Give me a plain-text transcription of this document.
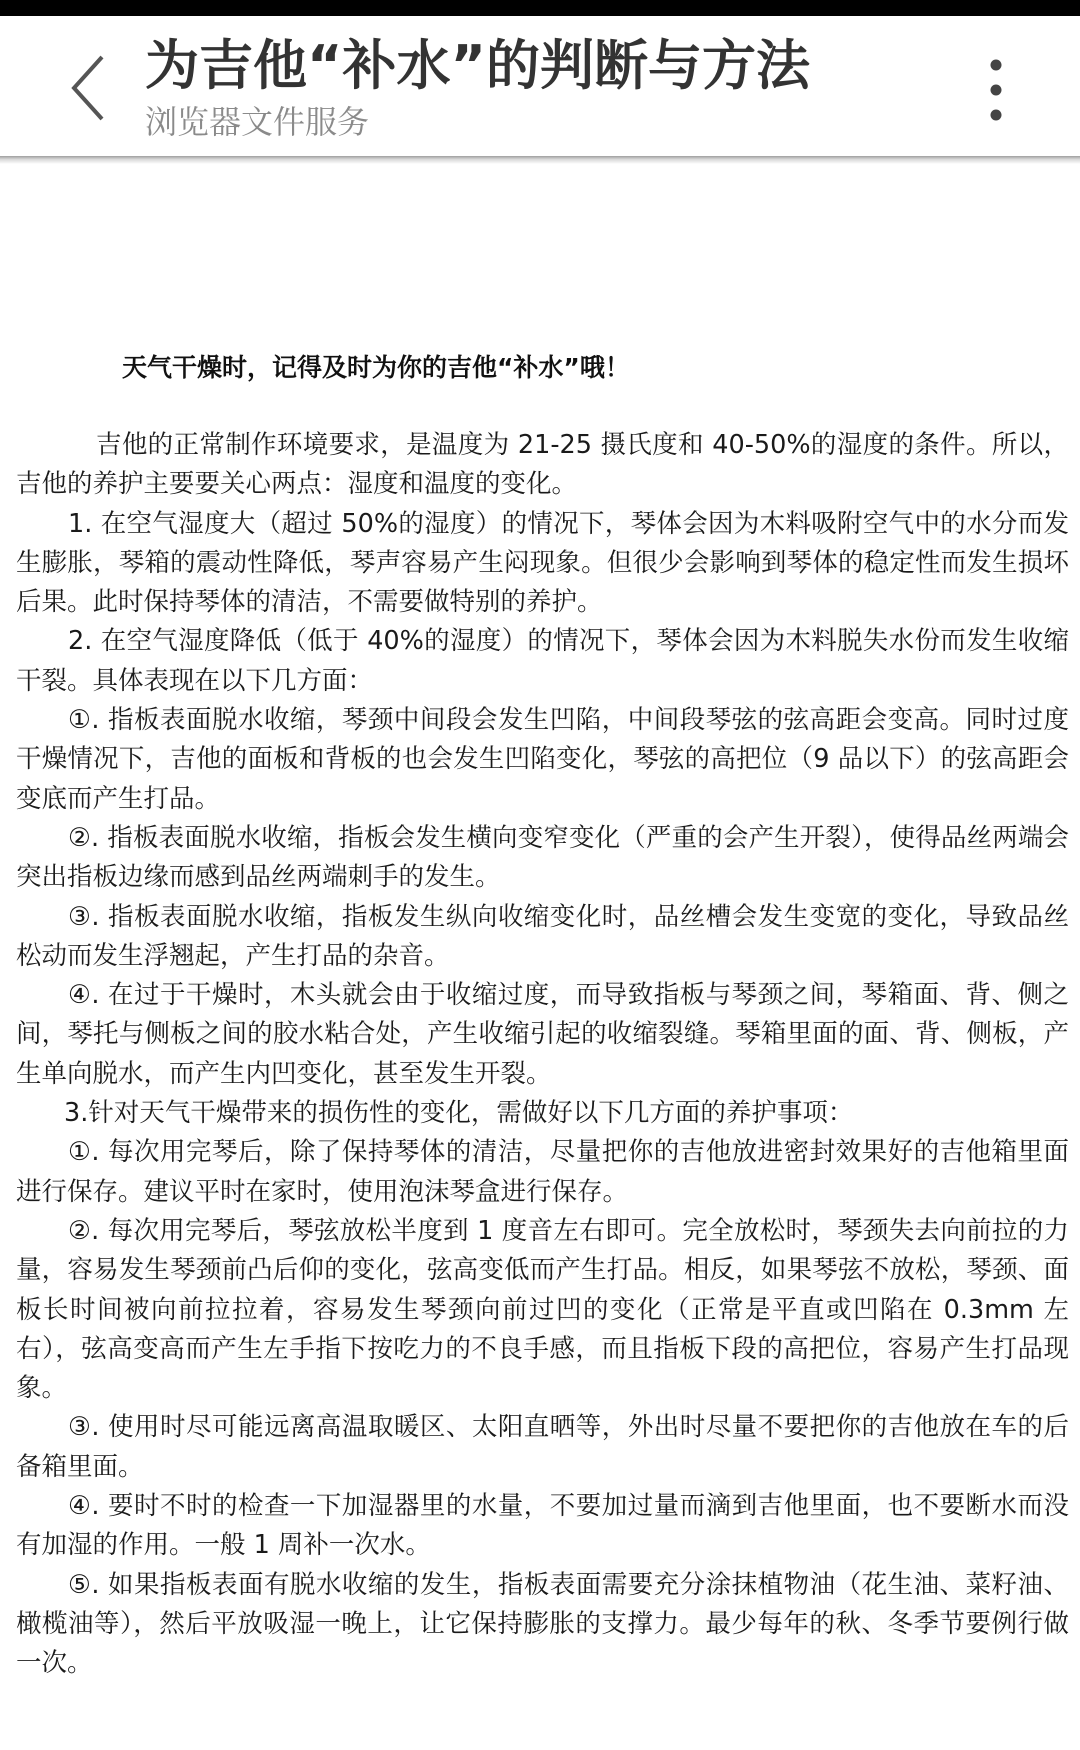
为吉他“补水”的判断与方法
浏览器文件服务
天气干燥时，记得及时为你的吉他“补水”哦！

吉他的正常制作环境要求，是温度为 21-25 摄氏度和 40-50%的湿度的条件。所以，吉他的养护主要要关心两点：湿度和温度的变化。

1. 在空气湿度大（超过 50%的湿度）的情况下，琴体会因为木料吸附空气中的水分而发生膨胀，琴箱的震动性降低，琴声容易产生闷现象。但很少会影响到琴体的稳定性而发生损坏后果。此时保持琴体的清洁，不需要做特别的养护。

2. 在空气湿度降低（低于 40%的湿度）的情况下，琴体会因为木料脱失水份而发生收缩干裂。具体表现在以下几方面：

①. 指板表面脱水收缩，琴颈中间段会发生凹陷，中间段琴弦的弦高距会变高。同时过度干燥情况下，吉他的面板和背板的也会发生凹陷变化，琴弦的高把位（9 品以下）的弦高距会变底而产生打品。

②. 指板表面脱水收缩，指板会发生横向变窄变化（严重的会产生开裂），使得品丝两端会突出指板边缘而感到品丝两端刺手的发生。

③. 指板表面脱水收缩，指板发生纵向收缩变化时，品丝槽会发生变宽的变化，导致品丝松动而发生浮翘起，产生打品的杂音。

④. 在过于干燥时，木头就会由于收缩过度，而导致指板与琴颈之间，琴箱面、背、侧之间，琴托与侧板之间的胶水粘合处，产生收缩引起的收缩裂缝。琴箱里面的面、背、侧板，产生单向脱水，而产生内凹变化，甚至发生开裂。

3.针对天气干燥带来的损伤性的变化，需做好以下几方面的养护事项：

①. 每次用完琴后，除了保持琴体的清洁，尽量把你的吉他放进密封效果好的吉他箱里面进行保存。建议平时在家时，使用泡沫琴盒进行保存。

②. 每次用完琴后，琴弦放松半度到 1 度音左右即可。完全放松时，琴颈失去向前拉的力量，容易发生琴颈前凸后仰的变化，弦高变低而产生打品。相反，如果琴弦不放松，琴颈、面板长时间被向前拉拉着，容易发生琴颈向前过凹的变化（正常是平直或凹陷在 0.3mm 左右），弦高变高而产生左手指下按吃力的不良手感，而且指板下段的高把位，容易产生打品现象。

③. 使用时尽可能远离高温取暖区、太阳直晒等，外出时尽量不要把你的吉他放在车的后备箱里面。

④. 要时不时的检查一下加湿器里的水量，不要加过量而滴到吉他里面，也不要断水而没有加湿的作用。一般 1 周补一次水。

⑤. 如果指板表面有脱水收缩的发生，指板表面需要充分涂抹植物油（花生油、菜籽油、橄榄油等），然后平放吸湿一晚上，让它保持膨胀的支撑力。最少每年的秋、冬季节要例行做一次。
